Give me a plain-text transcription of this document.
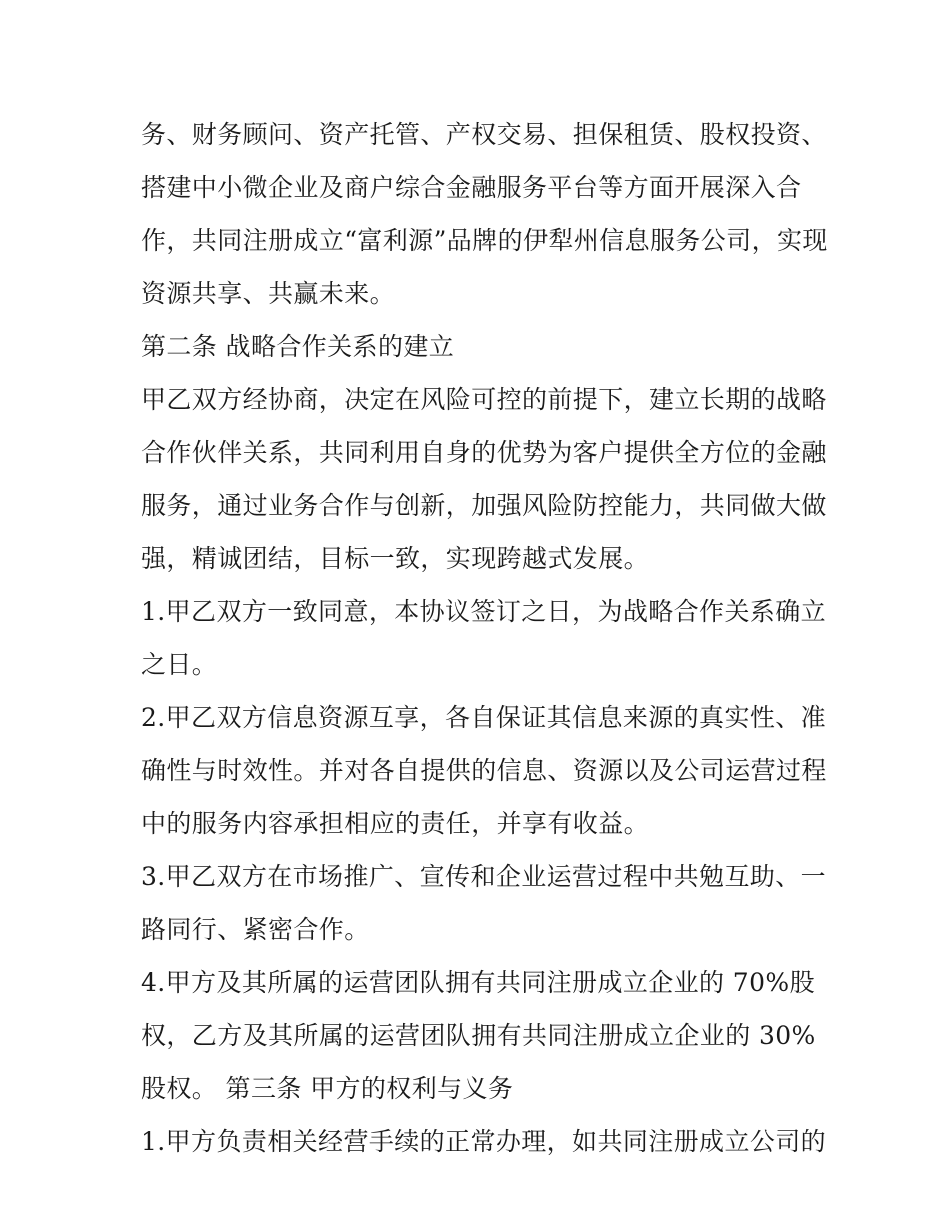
务、财务顾问、资产托管、产权交易、担保租赁、股权投资、
搭建中小微企业及商户综合金融服务平台等方面开展深入合
作，共同注册成立“富利源”品牌的伊犁州信息服务公司，实现
资源共享、共赢未来。
第二条 战略合作关系的建立
甲乙双方经协商，决定在风险可控的前提下，建立长期的战略
合作伙伴关系，共同利用自身的优势为客户提供全方位的金融
服务，通过业务合作与创新，加强风险防控能力，共同做大做
强，精诚团结，目标一致，实现跨越式发展。
1.甲乙双方一致同意，本协议签订之日，为战略合作关系确立
之日。
2.甲乙双方信息资源互享，各自保证其信息来源的真实性、准
确性与时效性。并对各自提供的信息、资源以及公司运营过程
中的服务内容承担相应的责任，并享有收益。
3.甲乙双方在市场推广、宣传和企业运营过程中共勉互助、一
路同行、紧密合作。
4.甲方及其所属的运营团队拥有共同注册成立企业的 70%股
权，乙方及其所属的运营团队拥有共同注册成立企业的 30%
股权。 第三条 甲方的权利与义务
1.甲方负责相关经营手续的正常办理，如共同注册成立公司的
